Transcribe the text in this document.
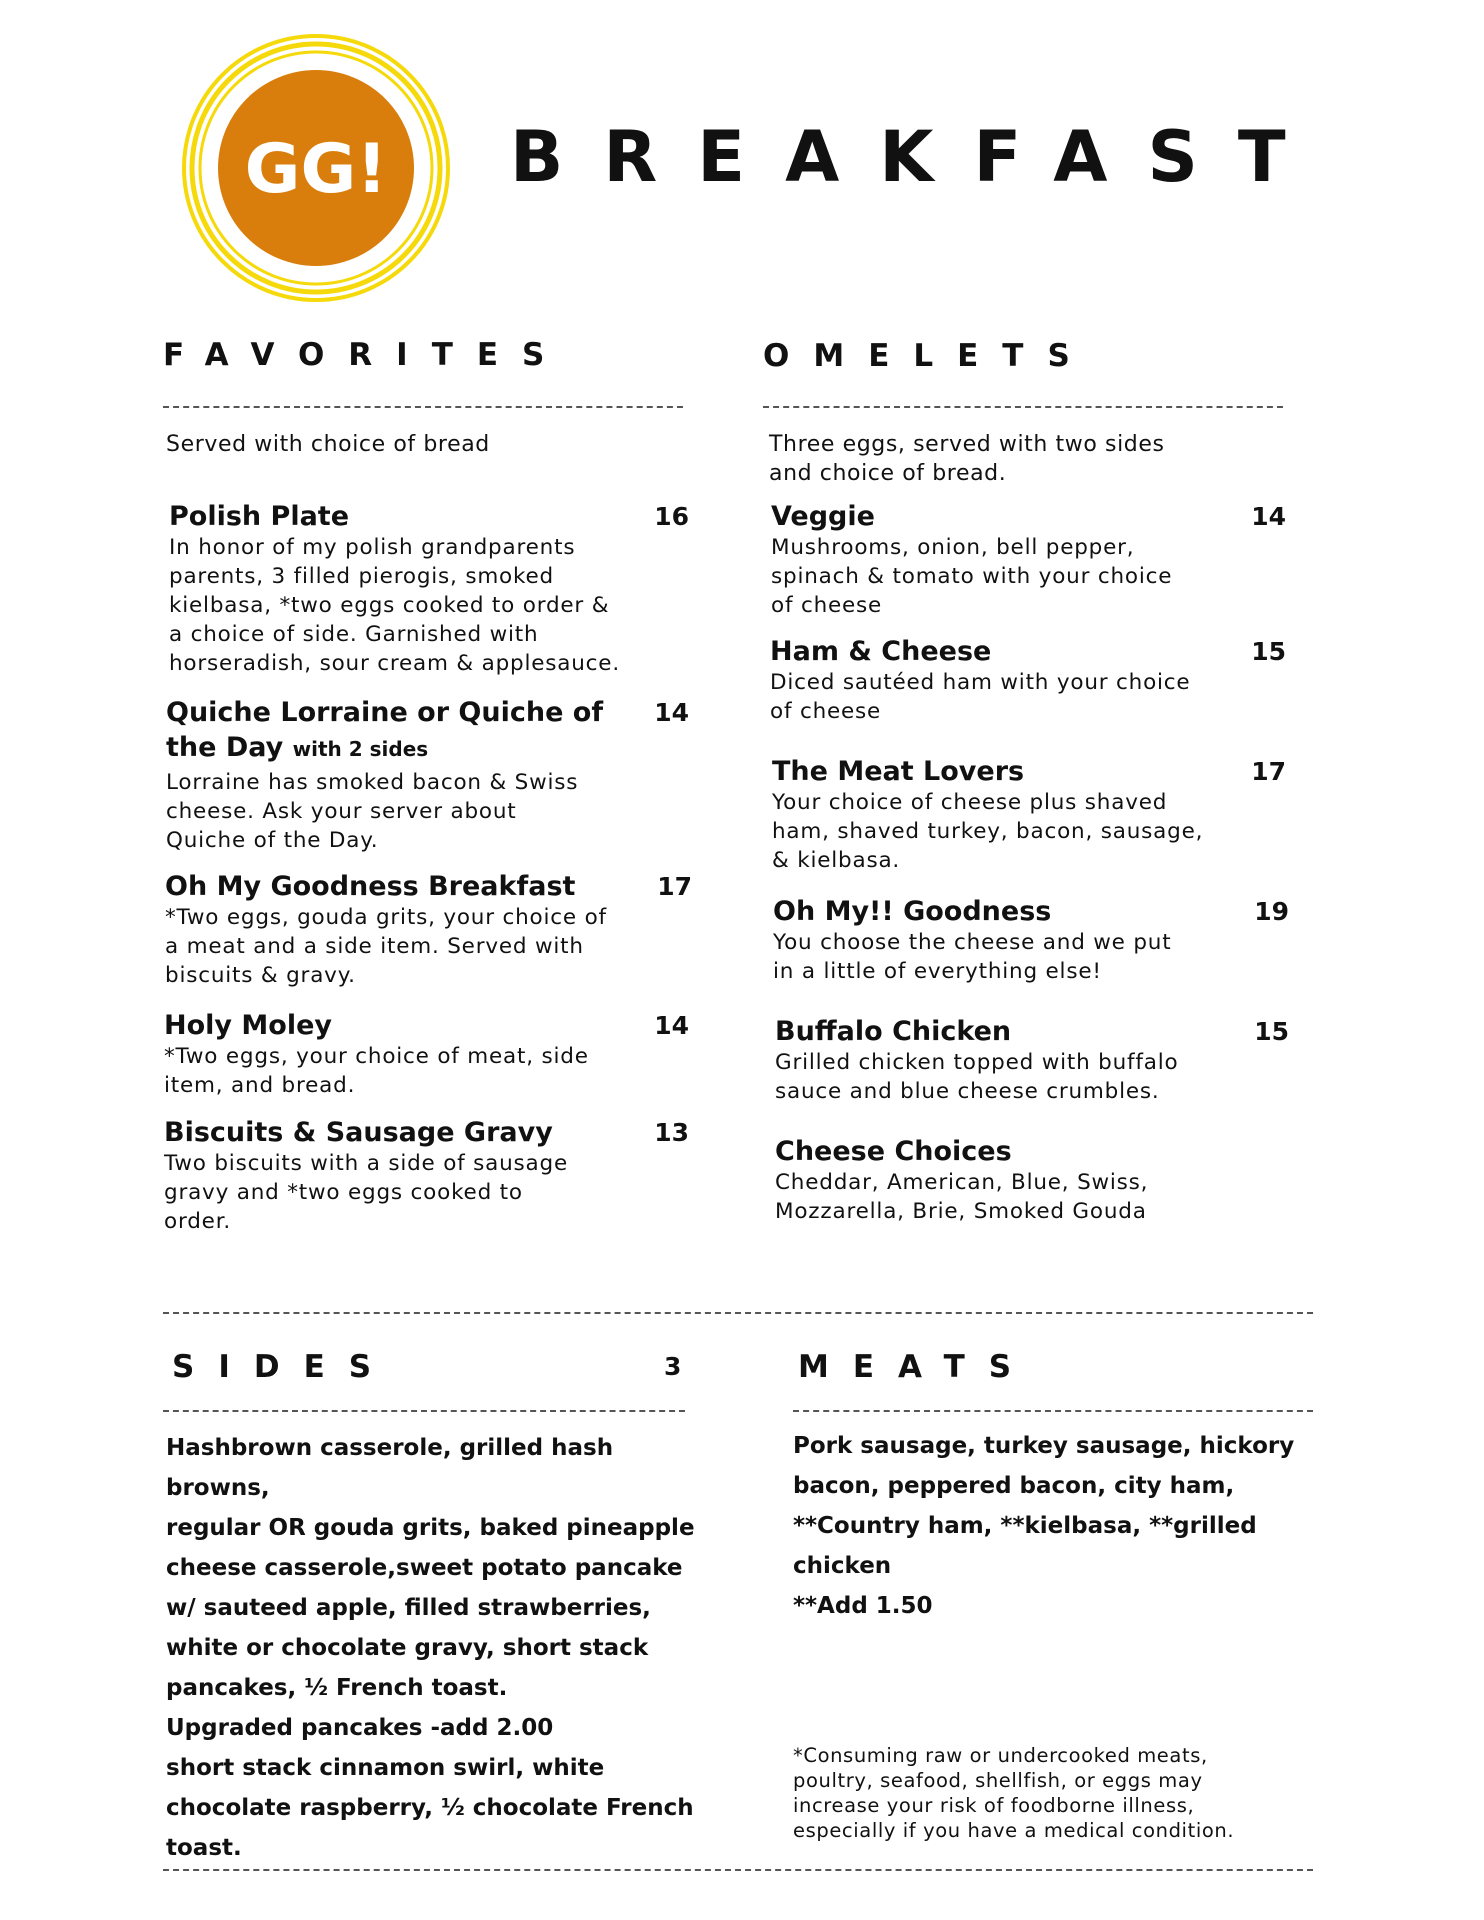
GG! BREAKFAST
FAVORITES

Served with choice of bread

Polish Plate	16

In honor of my polish grandparents

parents, 3 filled pierogis, smoked

kielbasa, *two eggs cooked to order &

a choice of side. Garnished with

horseradish, sour cream & applesauce.

Quiche Lorraine or Quiche of 14

the Day with 2 sides

Lorraine has smoked bacon & Swiss

cheese. Ask your server about

Quiche of the Day.

Oh My Goodness Breakfast	17

*Two eggs, gouda grits, your choice of

a meat and a side item. Served with

biscuits & gravy.

Holy Moley	14

*Two eggs, your choice of meat, side

item, and bread.

Biscuits & Sausage Gravy	13

Two biscuits with a side of sausage

gravy and *two eggs cooked to

order.

OMELETS

Three eggs, served with two sides

and choice of bread.

Veggie	14

Mushrooms, onion, bell pepper,

spinach & tomato with your choice

of cheese

Ham & Cheese	15

Diced sautéed ham with your choice

of cheese

The Meat Lovers	17

Your choice of cheese plus shaved

ham, shaved turkey, bacon, sausage,

& kielbasa.

Oh My!! Goodness	19

You choose the cheese and we put

in a little of everything else!

Buffalo Chicken	15

Grilled chicken topped with buffalo

sauce and blue cheese crumbles.

Cheese Choices

Cheddar, American, Blue, Swiss,

Mozzarella, Brie, Smoked Gouda

SIDES	3

Hashbrown casserole, grilled hash browns,

regular OR gouda grits, baked pineapple

cheese casserole,sweet potato pancake

w/ sauteed apple, filled strawberries,

white or chocolate gravy, short stack

pancakes, ½ French toast.

Upgraded pancakes -add 2.00

short stack cinnamon swirl, white

chocolate raspberry, ½ chocolate French

toast.

MEATS

Pork sausage, turkey sausage, hickory

bacon, peppered bacon, city ham,

**Country ham, **kielbasa, **grilled

chicken

**Add 1.50

*Consuming raw or undercooked meats,

poultry, seafood, shellfish, or eggs may

increase your risk of foodborne illness,

especially if you have a medical condition.
